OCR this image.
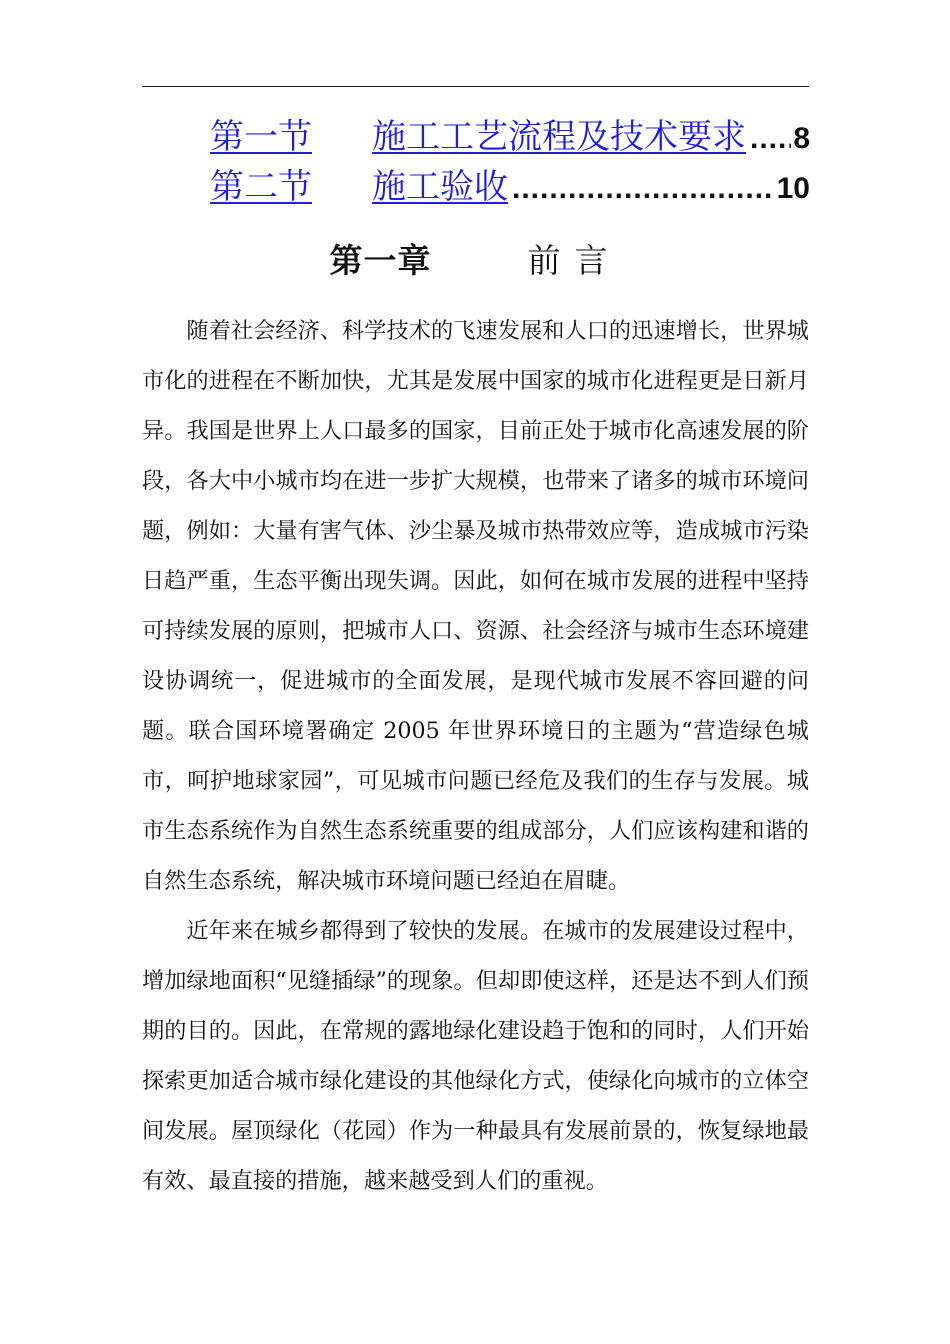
第一节	施工工艺流程及技术要求 ..... 8
第二节	施工验收 .....	10
第一章	前言

随着社会经济、科学技术的飞速发展和人口的迅速增长，世界城市化的进程在不断加快，尤其是发展中国家的城市化进程更是日新月异。我国是世界上人口最多的国家，目前正处于城市化高速发展的阶段，各大中小城市均在进一步扩大规模，也带来了诸多的城市环境问题，例如：大量有害气体、沙尘暴及城市热带效应等，造成城市污染日趋严重，生态平衡出现失调。因此，如何在城市发展的进程中坚持可持续发展的原则，把城市人口、资源、社会经济与城市生态环境建设协调统一，促进城市的全面发展，是现代城市发展不容回避的问题。联合国环境署确定 2005 年世界环境日的主题为“营造绿色城市，呵护地球家园”，可见城市问题已经危及我们的生存与发展。城市生态系统作为自然生态系统重要的组成部分，人们应该构建和谐的自然生态系统，解决城市环境问题已经迫在眉睫。

近年来在城乡都得到了较快的发展。在城市的发展建设过程中，增加绿地面积“见缝插绿”的现象。但却即使这样，还是达不到人们预期的目的。因此，在常规的露地绿化建设趋于饱和的同时，人们开始探索更加适合城市绿化建设的其他绿化方式，使绿化向城市的立体空间发展。屋顶绿化（花园）作为一种最具有发展前景的，恢复绿地最有效、最直接的措施，越来越受到人们的重视。
